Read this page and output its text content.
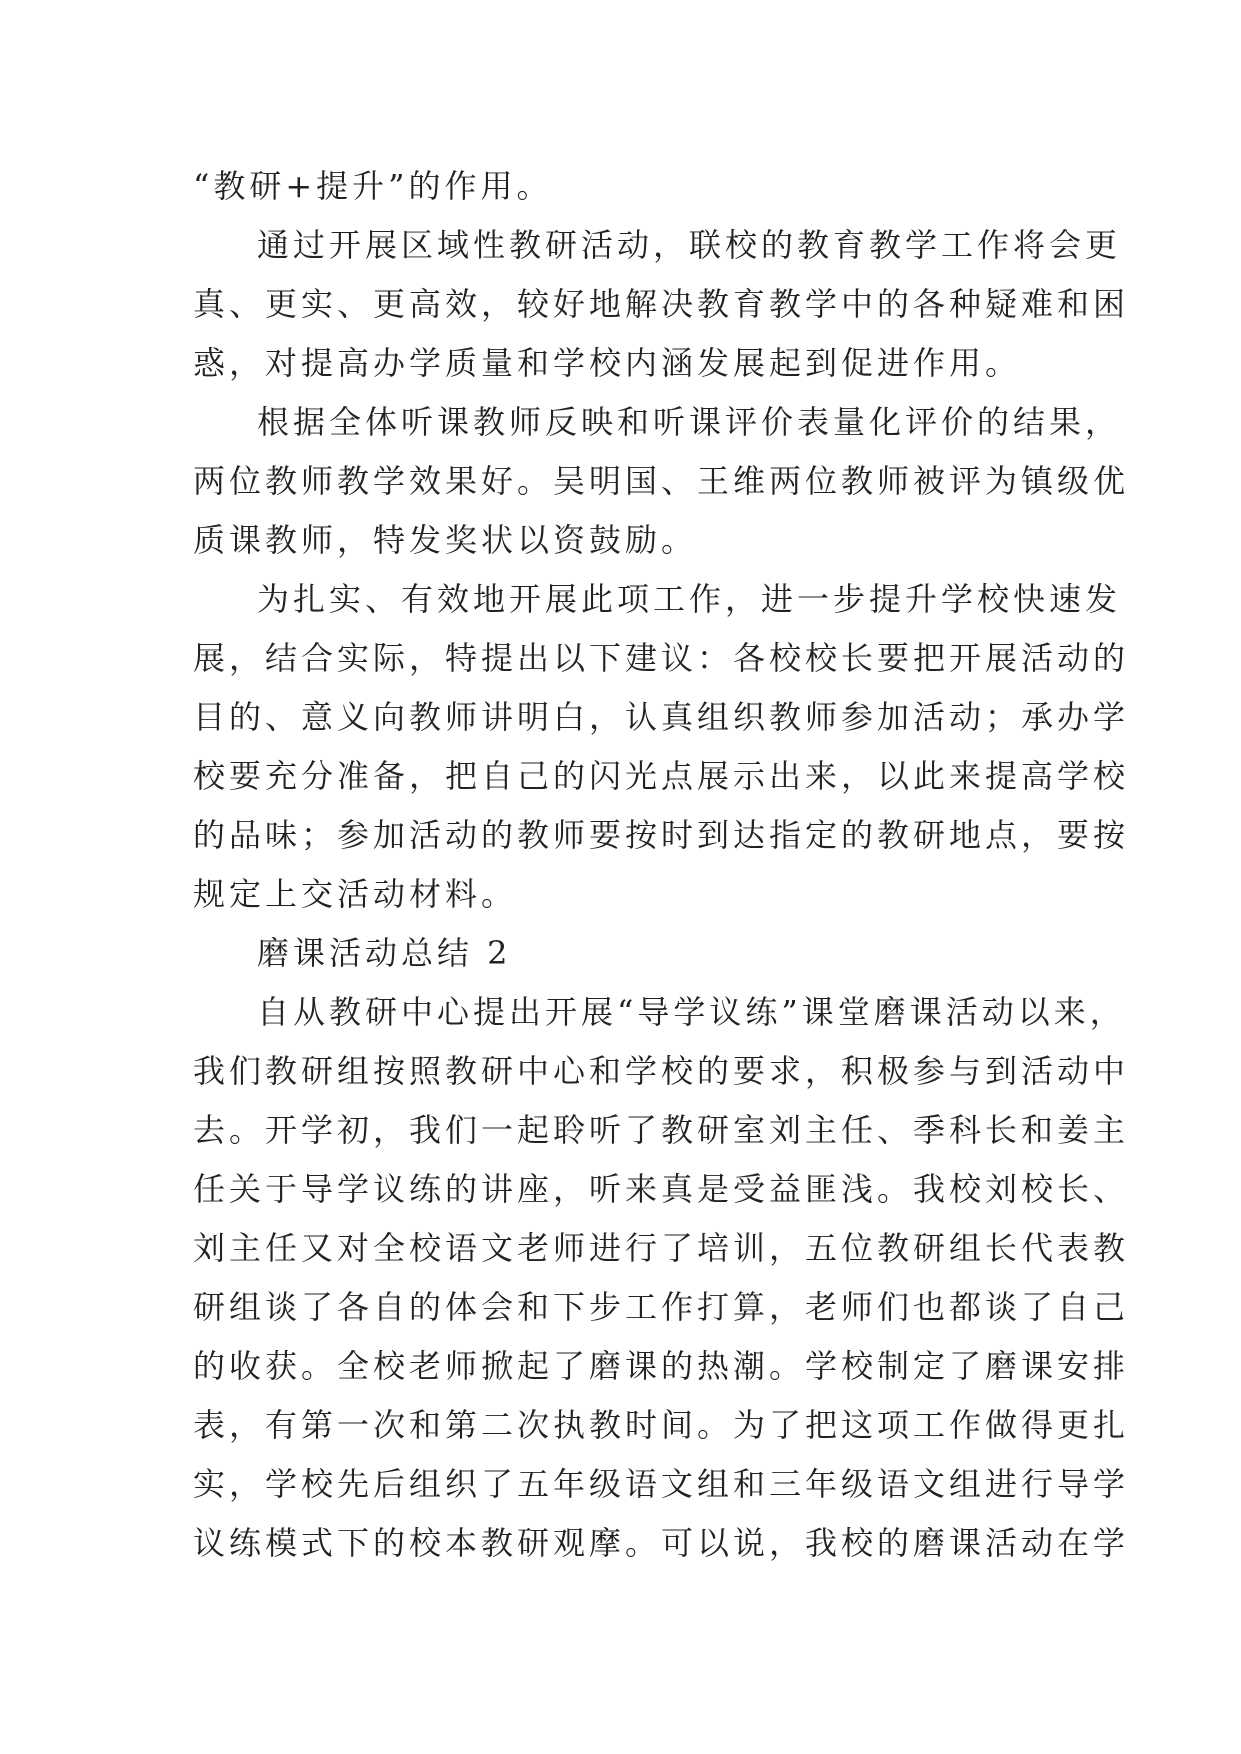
“教研+提升”的作用。
通过开展区域性教研活动，联校的教育教学工作将会更
真、更实、更高效，较好地解决教育教学中的各种疑难和困
惑，对提高办学质量和学校内涵发展起到促进作用。
根据全体听课教师反映和听课评价表量化评价的结果，
两位教师教学效果好。吴明国、王维两位教师被评为镇级优
质课教师，特发奖状以资鼓励。
为扎实、有效地开展此项工作，进一步提升学校快速发
展，结合实际，特提出以下建议：各校校长要把开展活动的
目的、意义向教师讲明白，认真组织教师参加活动；承办学
校要充分准备，把自己的闪光点展示出来，以此来提高学校
的品味；参加活动的教师要按时到达指定的教研地点，要按
规定上交活动材料。
磨课活动总结 2
自从教研中心提出开展“导学议练”课堂磨课活动以来，
我们教研组按照教研中心和学校的要求，积极参与到活动中
去。开学初，我们一起聆听了教研室刘主任、季科长和姜主
任关于导学议练的讲座，听来真是受益匪浅。我校刘校长、
刘主任又对全校语文老师进行了培训，五位教研组长代表教
研组谈了各自的体会和下步工作打算，老师们也都谈了自己
的收获。全校老师掀起了磨课的热潮。学校制定了磨课安排
表，有第一次和第二次执教时间。为了把这项工作做得更扎
实，学校先后组织了五年级语文组和三年级语文组进行导学
议练模式下的校本教研观摩。可以说，我校的磨课活动在学
